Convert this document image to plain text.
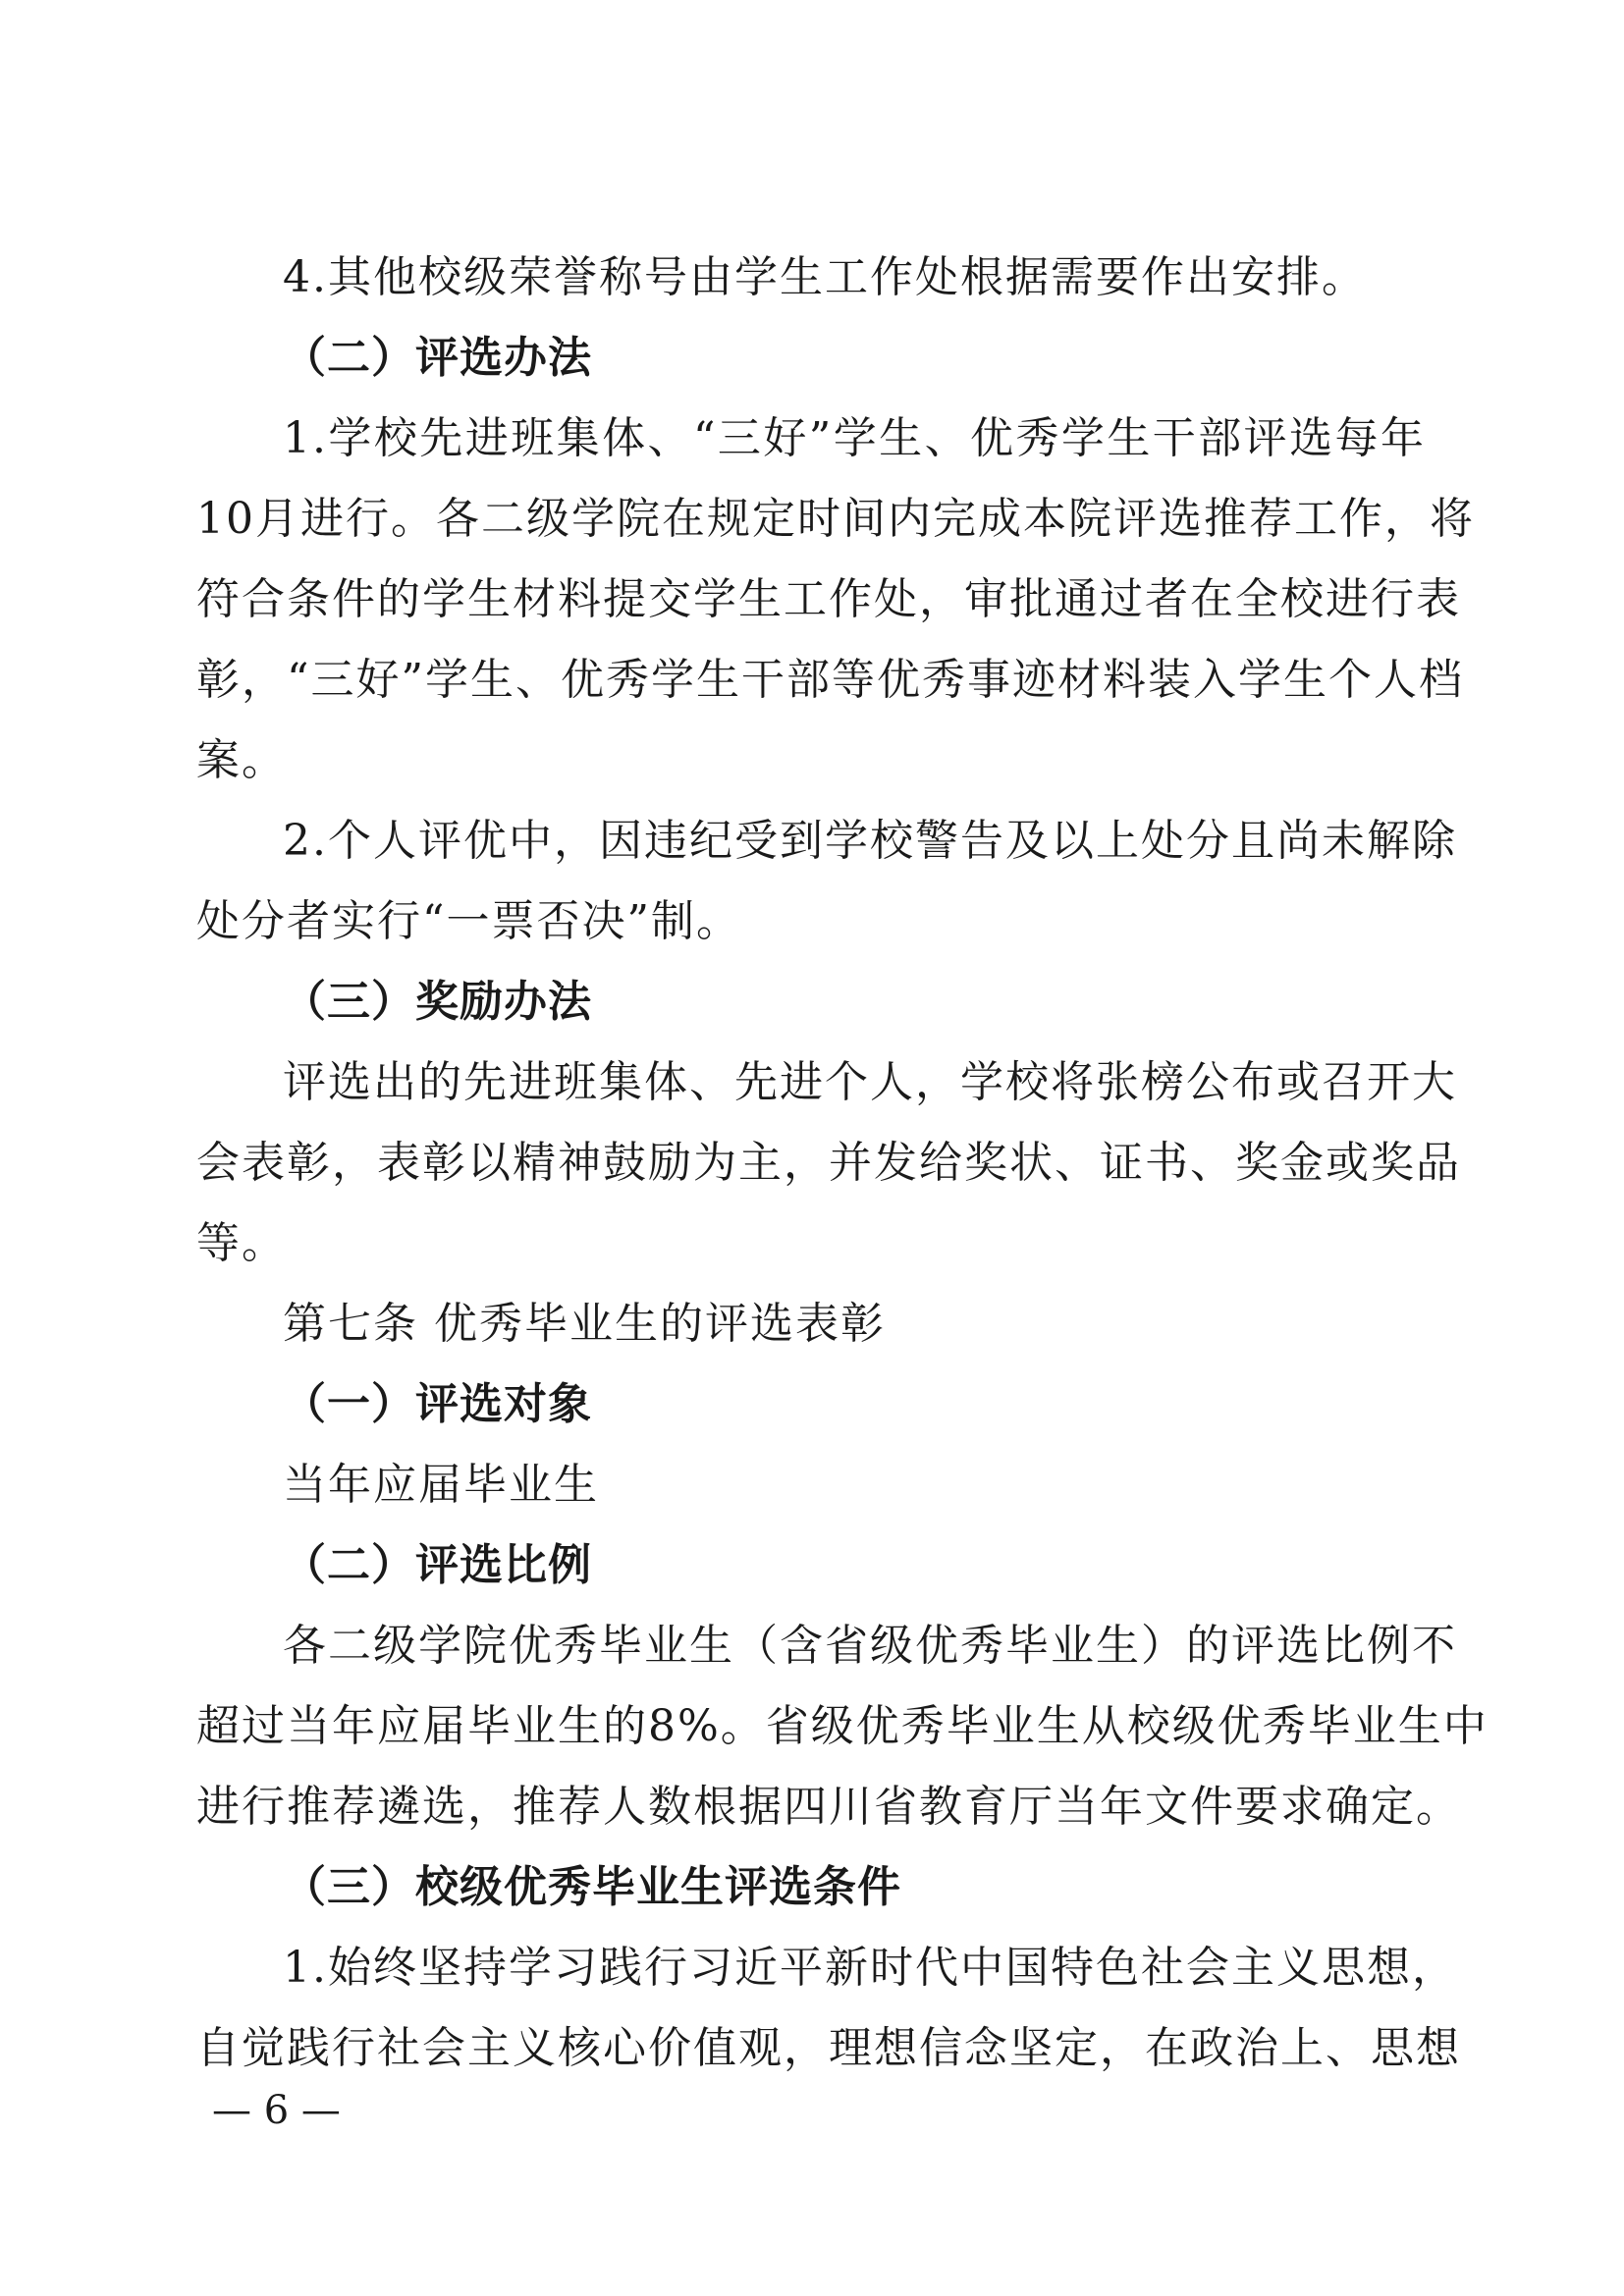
4.其他校级荣誉称号由学生工作处根据需要作出安排。

（二）评选办法

1.学校先进班集体、“三好”学生、优秀学生干部评选每年

10月进行。各二级学院在规定时间内完成本院评选推荐工作，将

符合条件的学生材料提交学生工作处，审批通过者在全校进行表

彰，“三好”学生、优秀学生干部等优秀事迹材料装入学生个人档

案。

2.个人评优中，因违纪受到学校警告及以上处分且尚未解除

处分者实行“一票否决”制。

（三）奖励办法

评选出的先进班集体、先进个人，学校将张榜公布或召开大

会表彰，表彰以精神鼓励为主，并发给奖状、证书、奖金或奖品

等。

第七条 优秀毕业生的评选表彰

（一）评选对象

当年应届毕业生

（二）评选比例

各二级学院优秀毕业生（含省级优秀毕业生）的评选比例不

超过当年应届毕业生的8%。省级优秀毕业生从校级优秀毕业生中

进行推荐遴选，推荐人数根据四川省教育厅当年文件要求确定。

（三）校级优秀毕业生评选条件

1.始终坚持学习践行习近平新时代中国特色社会主义思想，

自觉践行社会主义核心价值观，理想信念坚定，在政治上、思想

— 6 —
